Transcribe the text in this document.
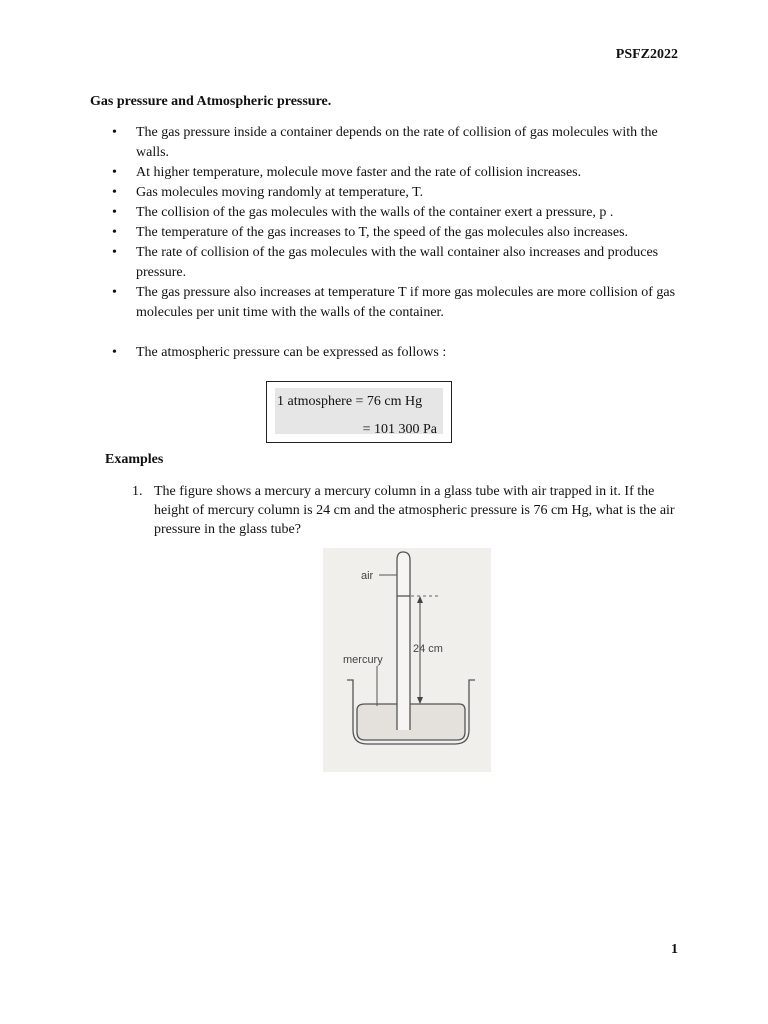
PSFZ2022
Gas pressure and Atmospheric pressure.
• The gas pressure inside a container depends on the rate of collision of gas molecules with the walls.
• At higher temperature, molecule move faster and the rate of collision increases.
• Gas molecules moving randomly at temperature, T.
• The collision of the gas molecules with the walls of the container exert a pressure, p .
• The temperature of the gas increases to T, the speed of the gas molecules also increases.
• The rate of collision of the gas molecules with the wall container also increases and produces pressure.
• The gas pressure also increases at temperature T if more gas molecules are more collision of gas molecules per unit time with the walls of the container.
• The atmospheric pressure can be expressed as follows :
1 atmosphere = 76 cm Hg
= 101 300 Pa
Examples
1. The figure shows a mercury a mercury column in a glass tube with air trapped in it. If the height of mercury column is 24 cm and the atmospheric pressure is 76 cm Hg, what is the air pressure in the glass tube?
air
mercury
24 cm
1
